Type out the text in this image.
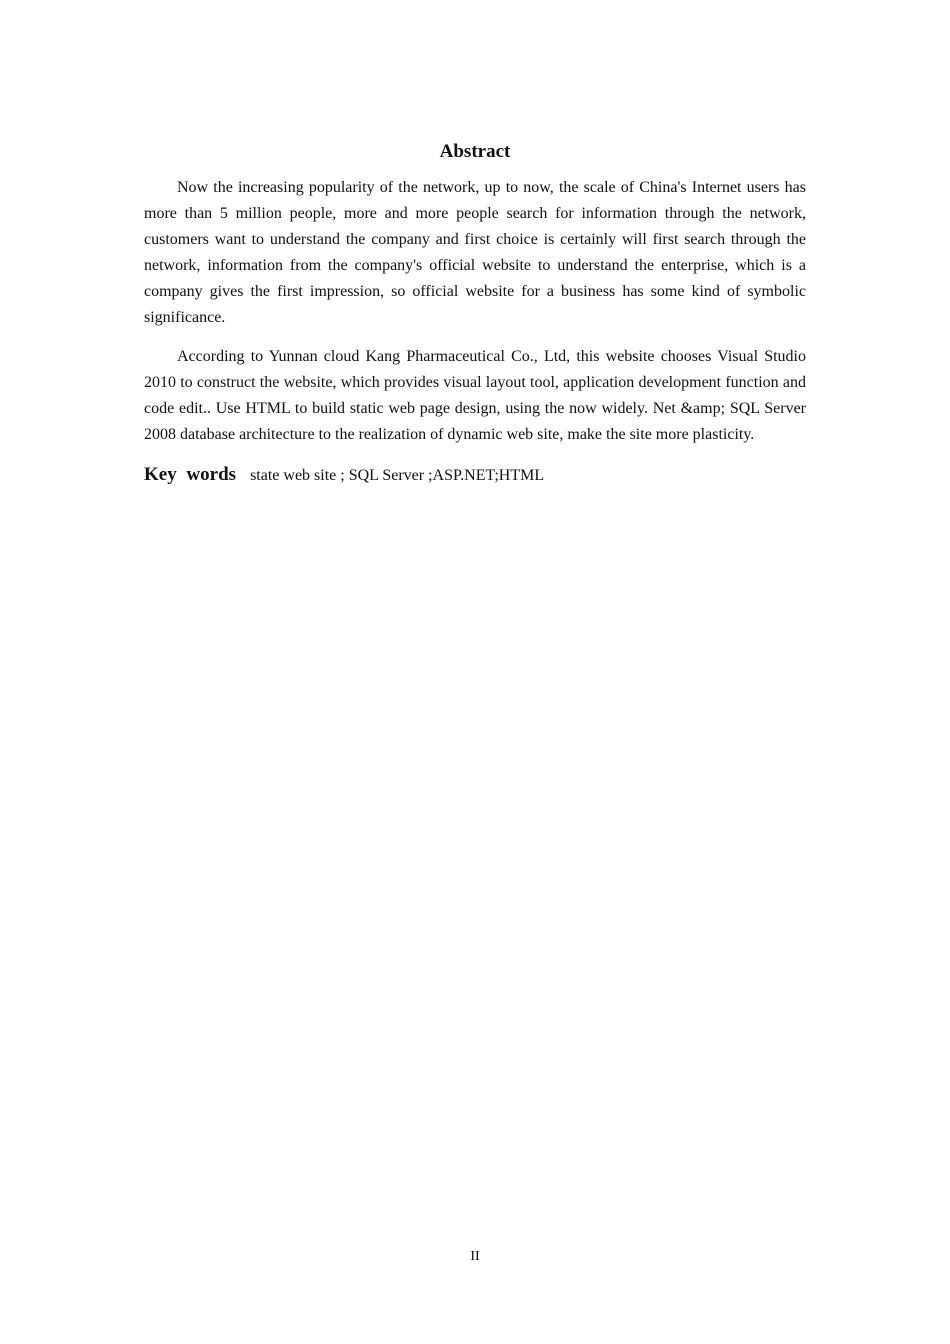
Abstract

Now the increasing popularity of the network, up to now, the scale of China's Internet users has more than 5 million people, more and more people search for information through the network, customers want to understand the company and first choice is certainly will first search through the network, information from the company's official website to understand the enterprise, which is a company gives the first impression, so official website for a business has some kind of symbolic significance.

According to Yunnan cloud Kang Pharmaceutical Co., Ltd, this website chooses Visual Studio 2010 to construct the website, which provides visual layout tool, application development function and code edit.. Use HTML to build static web page design, using the now widely. Net &amp; SQL Server 2008 database architecture to the realization of dynamic web site, make the site more plasticity.

Key words state web site ; SQL Server ;ASP.NET;HTML
II
